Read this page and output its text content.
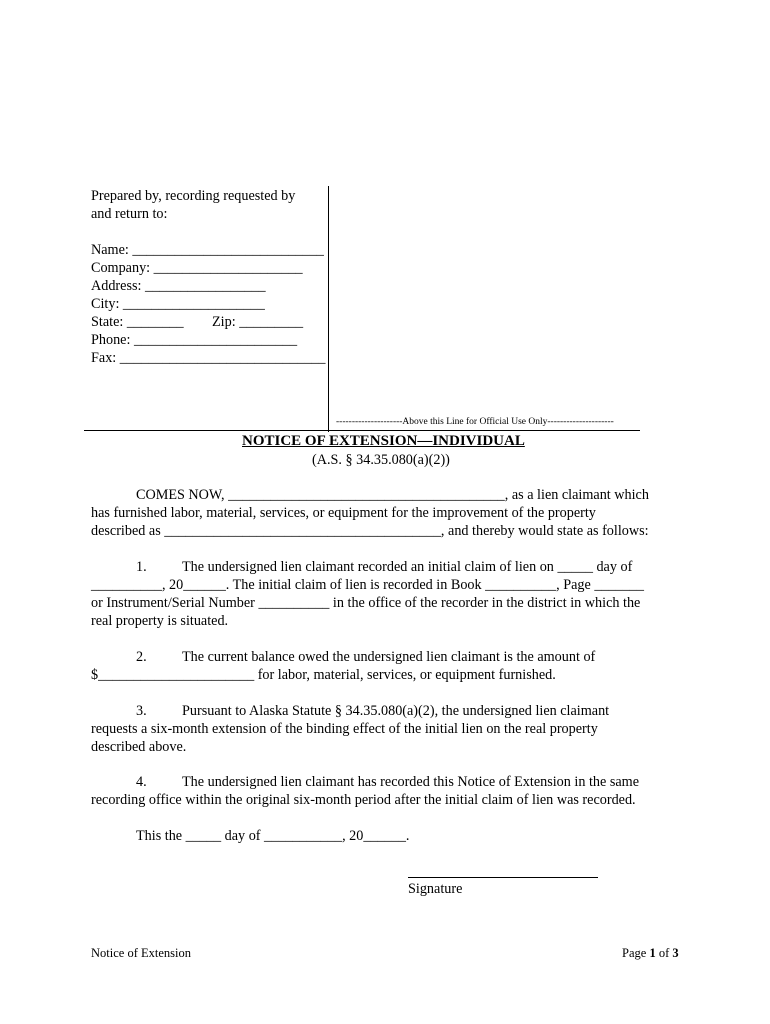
Prepared by, recording requested by
and return to:
Name: ___________________________
Company: _____________________
Address: _________________
City: ____________________
State: ________ Zip: _________
Phone: _______________________
Fax: _____________________________
---------------------Above this Line for Official Use Only---------------------
NOTICE OF EXTENSION—INDIVIDUAL
(A.S. § 34.35.080(a)(2))
COMES NOW, _______________________________________, as a lien claimant which
has furnished labor, material, services, or equipment for the improvement of the property
described as _______________________________________, and thereby would state as follows:
1. The undersigned lien claimant recorded an initial claim of lien on _____ day of
__________, 20______. The initial claim of lien is recorded in Book __________, Page _______
or Instrument/Serial Number __________ in the office of the recorder in the district in which the
real property is situated.
2. The current balance owed the undersigned lien claimant is the amount of
$______________________ for labor, material, services, or equipment furnished.
3. Pursuant to Alaska Statute § 34.35.080(a)(2), the undersigned lien claimant
requests a six-month extension of the binding effect of the initial lien on the real property
described above.
4. The undersigned lien claimant has recorded this Notice of Extension in the same
recording office within the original six-month period after the initial claim of lien was recorded.
This the _____ day of ___________, 20______.
Signature
Notice of Extension	Page 1 of 3
